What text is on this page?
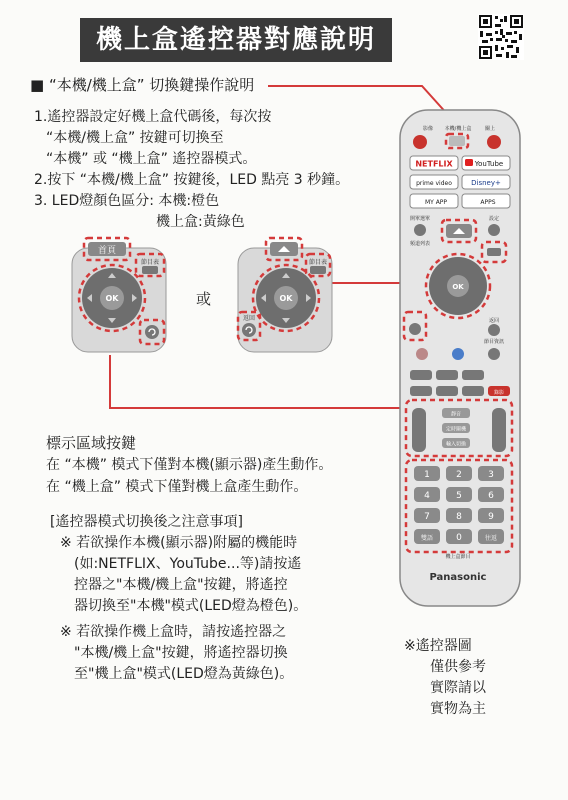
機上盒遙控器對應說明
■ “本機/機上盒” 切換鍵操作說明
1.遙控器設定好機上盒代碼後，每次按
“本機/機上盒” 按鍵可切換至
“本機” 或 “機上盒” 遙控器模式。
2.按下 “本機/機上盒” 按鍵後，LED 點亮 3 秒鐘。
3. LED燈顏色區分: 本機:橙色
機上盒:黃綠色
首頁
節目表
OK	或
節目表
OK
返回
標示區域按鍵
在 “本機” 模式下僅對本機(顯示器)產生動作。
在 “機上盒” 模式下僅對機上盒產生動作。
[遙控器模式切換後之注意事項]
※ 若欲操作本機(顯示器)附屬的機能時
(如:NETFLIX、YouTube...等)請按遙
控器之"本機/機上盒"按鍵，將遙控
器切換至"本機"模式(LED燈為橙色)。
※ 若欲操作機上盒時，請按遙控器之
"本機/機上盒"按鍵，將遙控器切換
至"機上盒"模式(LED燈為黃綠色)。
※遙控器圖
僅供參考
實際請以
實物為主
影像 本機/機上盒	關上
NETFLIX	YouTube
prime video	Disney+
MY APP	APPS
開單選單	設定
頻道列表
OK
返回
節目資訊
錄影
靜音
定時關機
輸入切換
1	2	3
4	5	6
7	8	9
雙語	0	往返
機上盒節目
Panasonic
